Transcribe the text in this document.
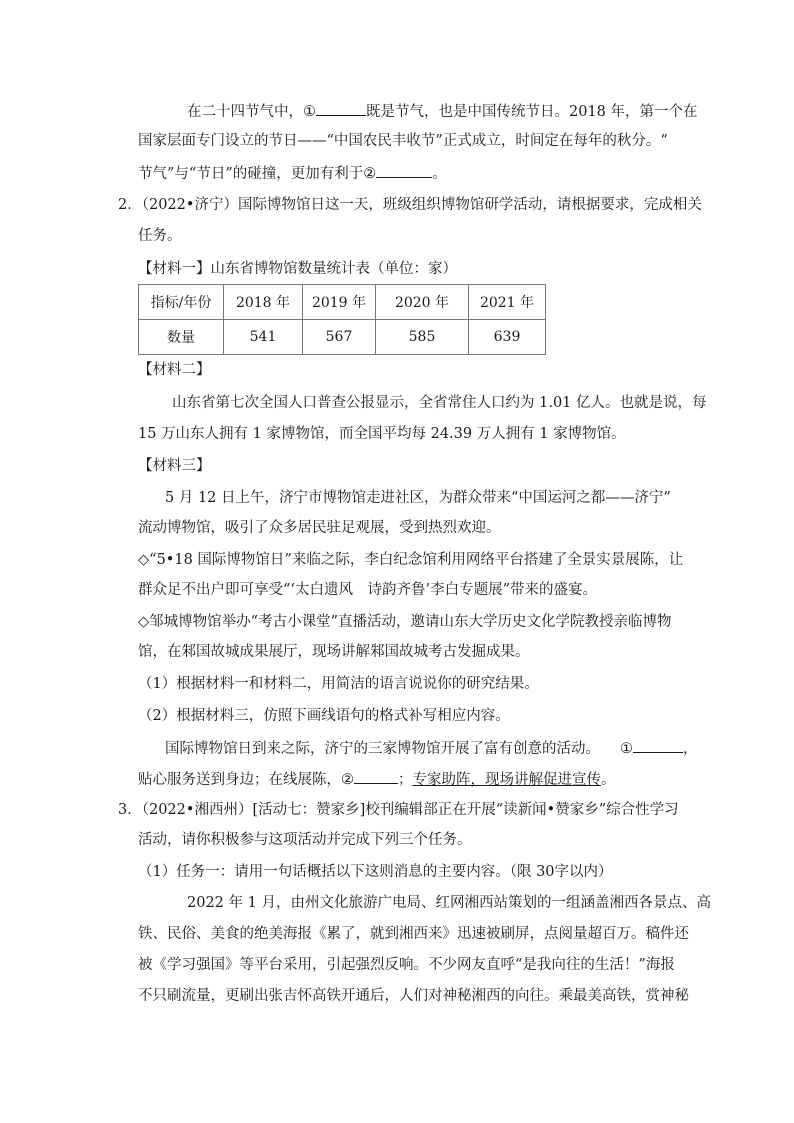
在二十四节气中，①	既是节气，也是中国传统节日。2018 年，第一个在
国家层面专门设立的节日——“中国农民丰收节”正式成立，时间定在每年的秋分。“
节气”与“节日”的碰撞，更加有利于②	。
2．（2022•济宁）国际博物馆日这一天，班级组织博物馆研学活动，请根据要求，完成相关
任务。
【材料一】山东省博物馆数量统计表（单位：家）
指标/年份	2018 年	2019 年	2020 年	2021 年
数量	541	567	585	639
【材料二】
山东省第七次全国人口普查公报显示，全省常住人口约为 1.01 亿人。也就是说，每
15 万山东人拥有 1 家博物馆，而全国平均每 24.39 万人拥有 1 家博物馆。
【材料三】
5 月 12 日上午，济宁市博物馆走进社区，为群众带来“中国运河之都——济宁”
流动博物馆，吸引了众多居民驻足观展，受到热烈欢迎。
◇“5•18 国际博物馆日”来临之际，李白纪念馆利用网络平台搭建了全景实景展陈，让
群众足不出户即可享受“‘太白遗风　诗韵齐鲁’李白专题展”带来的盛宴。
◇邹城博物馆举办“考古小课堂”直播活动，邀请山东大学历史文化学院教授亲临博物
馆，在邾国故城成果展厅，现场讲解邾国故城考古发掘成果。
（1）根据材料一和材料二，用简洁的语言说说你的研究结果。
（2）根据材料三，仿照下画线语句的格式补写相应内容。
国际博物馆日到来之际，济宁的三家博物馆开展了富有创意的活动。 ①	，
贴心服务送到身边；在线展陈，②	；专家助阵，现场讲解促进宣传。
3．（2022•湘西州）[活动七：赞家乡]校刊编辑部正在开展“读新闻•赞家乡”综合性学习
活动，请你积极参与这项活动并完成下列三个任务。
（1）任务一：请用一句话概括以下这则消息的主要内容。（限 30字以内）
2022 年 1 月，由州文化旅游广电局、红网湘西站策划的一组涵盖湘西各景点、高
铁、民俗、美食的绝美海报《累了，就到湘西来》迅速被刷屏，点阅量超百万。稿件还
被《学习强国》等平台采用，引起强烈反响。不少网友直呼“是我向往的生活！”海报
不只刷流量，更刷出张吉怀高铁开通后，人们对神秘湘西的向往。乘最美高铁，赏神秘
